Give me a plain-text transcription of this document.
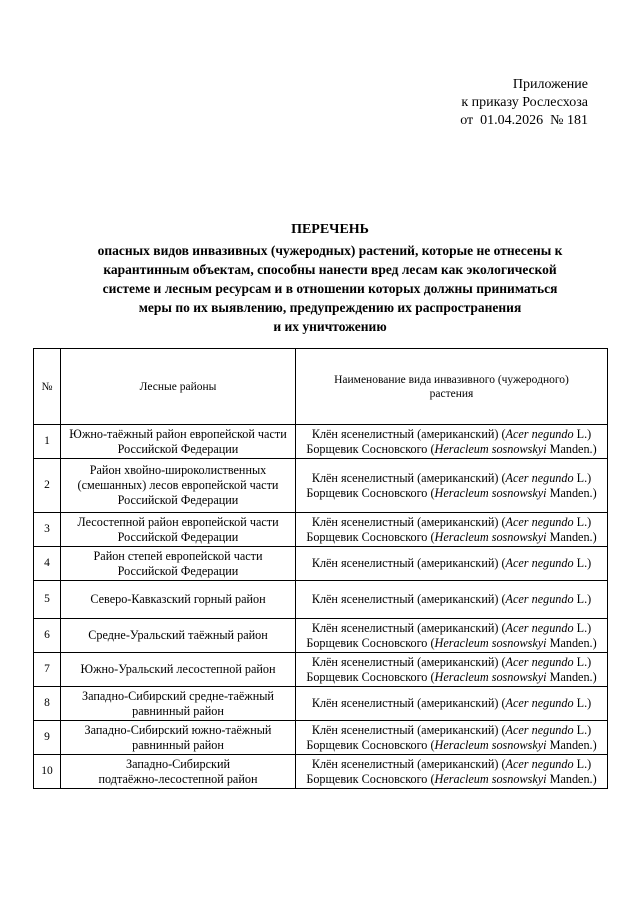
Приложение
к приказу Рослесхоза
от  01.04.2026  № 181
ПЕРЕЧЕНЬ
опасных видов инвазивных (чужеродных) растений, которые не отнесены к
карантинным объектам, способны нанести вред лесам как экологической
системе и лесным ресурсам и в отношении которых должны приниматься
меры по их выявлению, предупреждению их распространения
и их уничтожению
№	Лесные районы	Наименование вида инвазивного (чужеродного)
растения
1	Южно-таёжный район европейской части
Российской Федерации	Клён ясенелистный (американский) (Acer negundo L.)
Борщевик Сосновского (Heracleum sosnowskyi Manden.)

2	Район хвойно-широколиственных
(смешанных) лесов европейской части
Российской Федерации	Клён ясенелистный (американский) (Acer negundo L.)
Борщевик Сосновского (Heracleum sosnowskyi Manden.)

3	Лесостепной район европейской части
Российской Федерации	Клён ясенелистный (американский) (Acer negundo L.)
Борщевик Сосновского (Heracleum sosnowskyi Manden.)

4	Район степей европейской части
Российской Федерации	Клён ясенелистный (американский) (Acer negundo L.)

5	Северо-Кавказский горный район	Клён ясенелистный (американский) (Acer negundo L.)

6	Средне-Уральский таёжный район	Клён ясенелистный (американский) (Acer negundo L.)
Борщевик Сосновского (Heracleum sosnowskyi Manden.)

7	Южно-Уральский лесостепной район	Клён ясенелистный (американский) (Acer negundo L.)
Борщевик Сосновского (Heracleum sosnowskyi Manden.)

8	Западно-Сибирский средне-таёжный
равнинный район	Клён ясенелистный (американский) (Acer negundo L.)

9	Западно-Сибирский южно-таёжный
равнинный район	Клён ясенелистный (американский) (Acer negundo L.)
Борщевик Сосновского (Heracleum sosnowskyi Manden.)

10	Западно-Сибирский
подтаёжно-лесостепной район	Клён ясенелистный (американский) (Acer negundo L.)
Борщевик Сосновского (Heracleum sosnowskyi Manden.)
